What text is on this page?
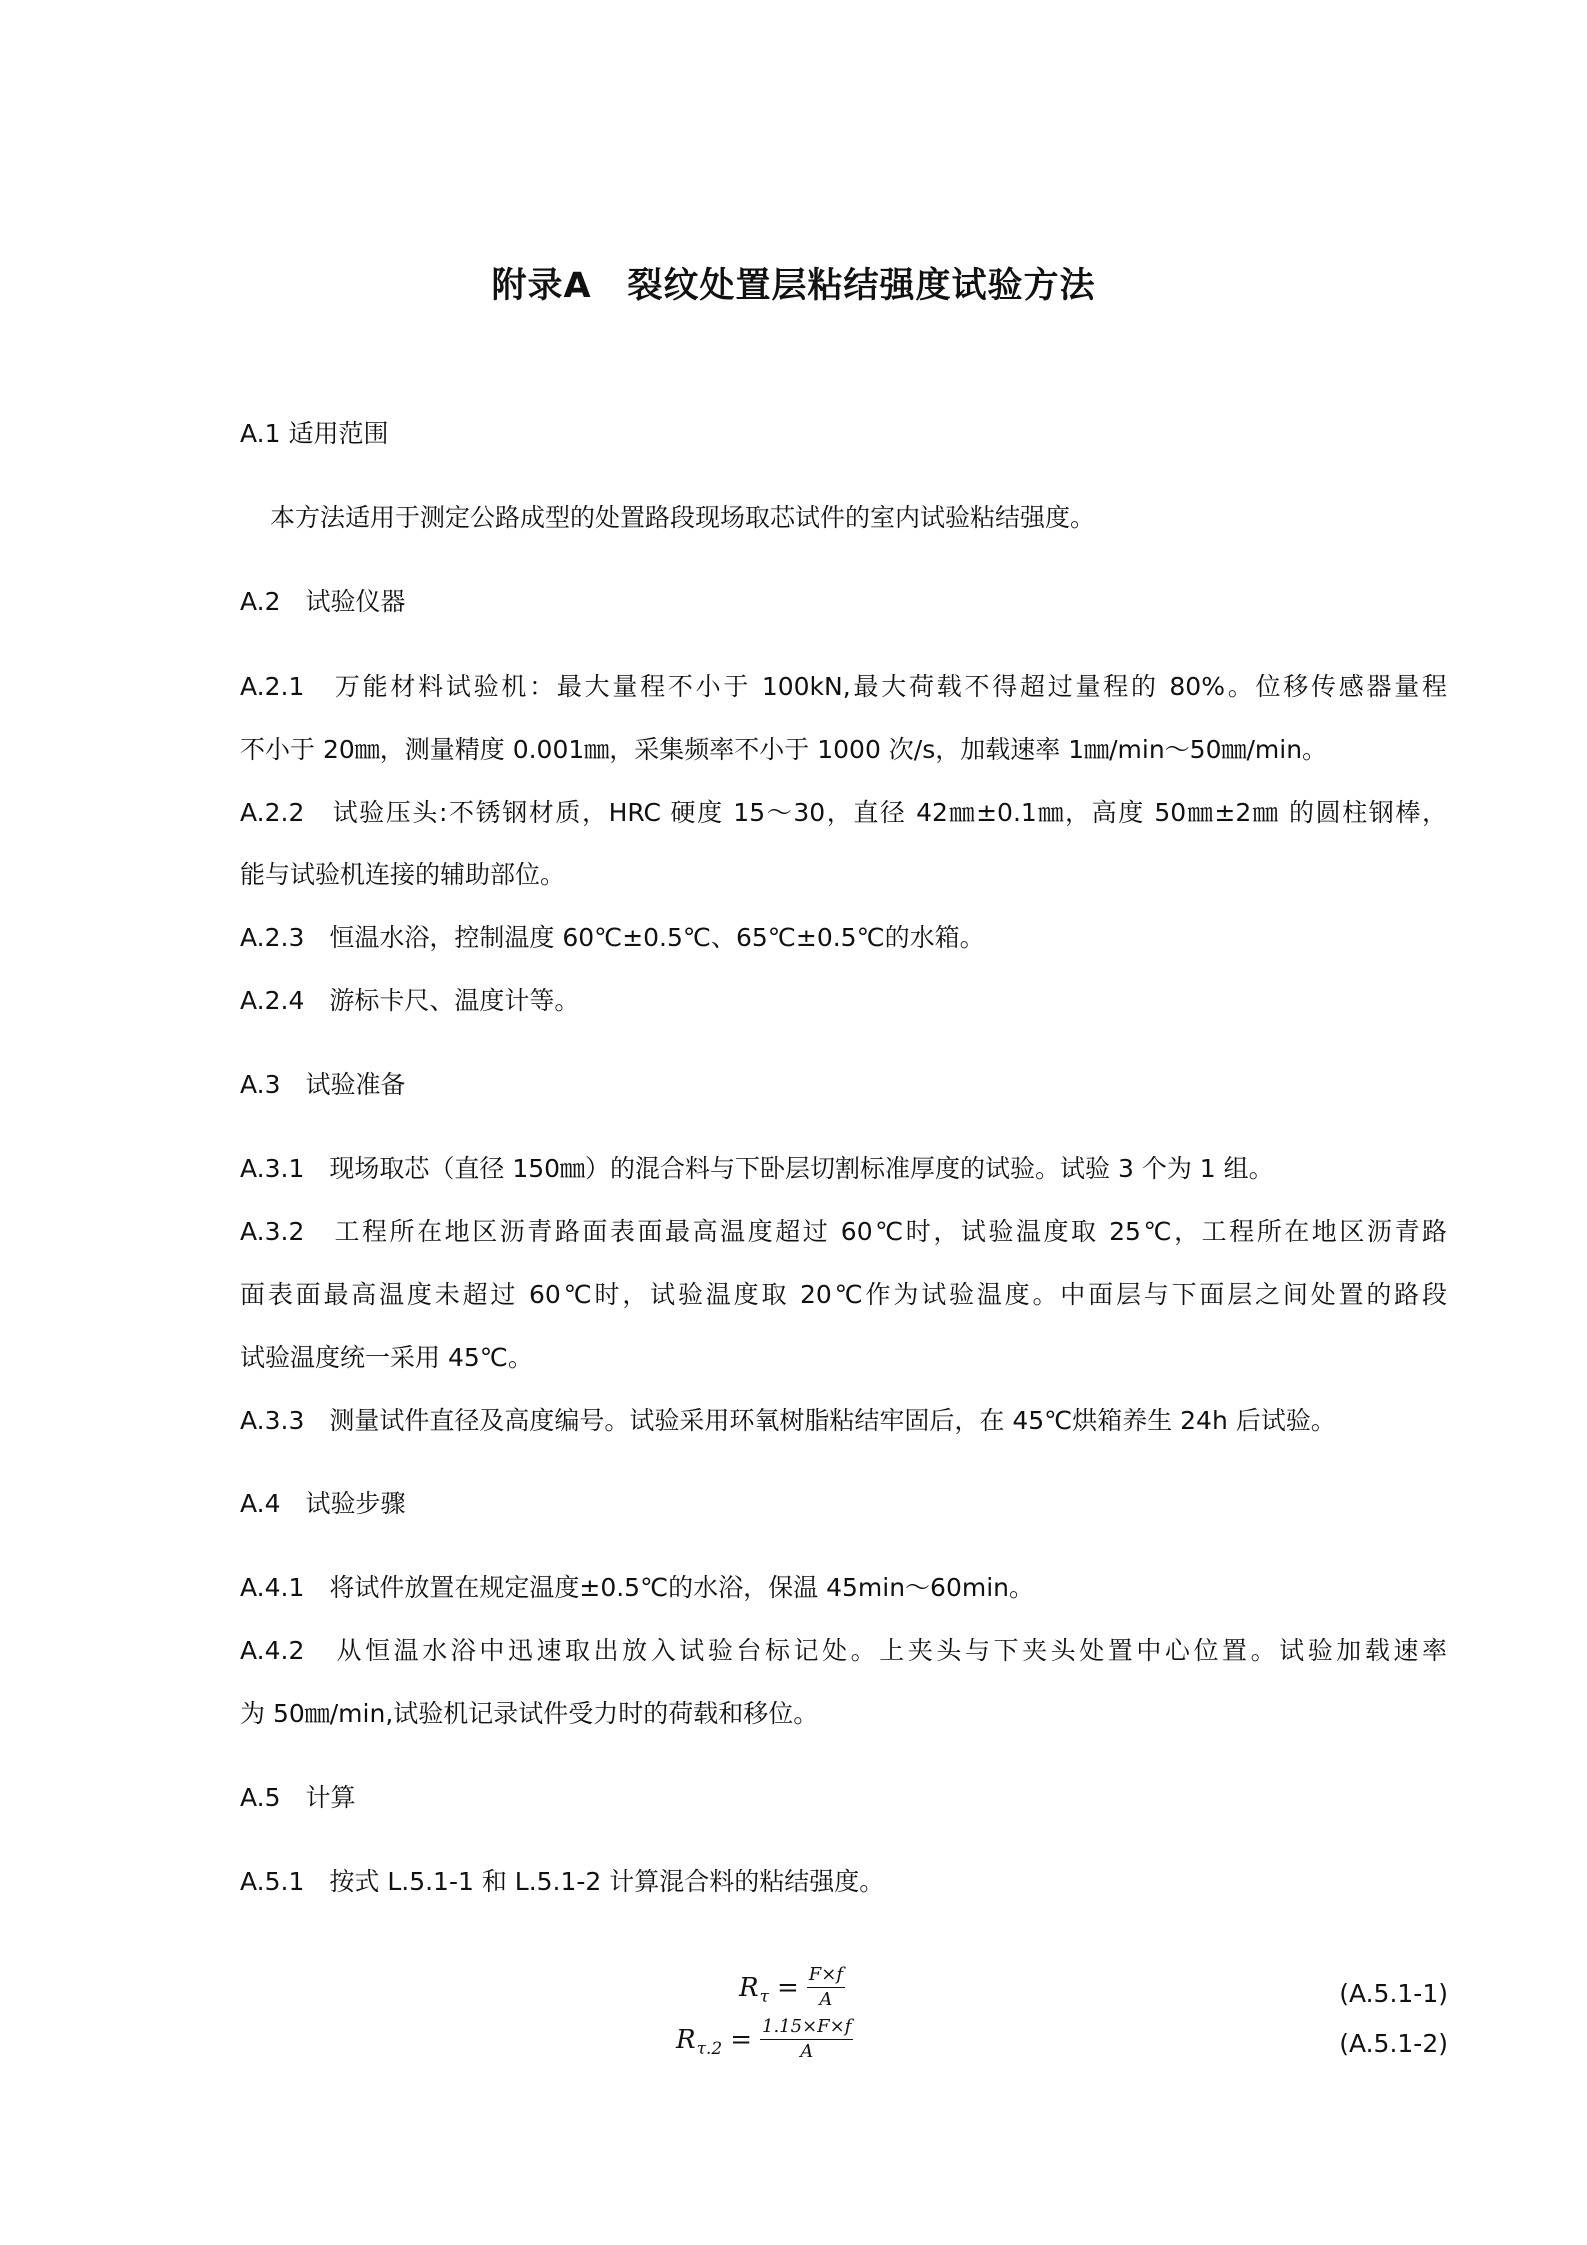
附录A　裂纹处置层粘结强度试验方法
A.1 适用范围
本方法适用于测定公路成型的处置路段现场取芯试件的室内试验粘结强度。
A.2　试验仪器
A.2.1　万能材料试验机：最大量程不小于 100kN,最大荷载不得超过量程的 80%。位移传感器量程
不小于 20㎜，测量精度 0.001㎜，采集频率不小于 1000 次/s，加载速率 1㎜/min～50㎜/min。
A.2.2　试验压头:不锈钢材质，HRC 硬度 15～30，直径 42㎜±0.1㎜，高度 50㎜±2㎜ 的圆柱钢棒，
能与试验机连接的辅助部位。
A.2.3　恒温水浴，控制温度 60℃±0.5℃、65℃±0.5℃的水箱。
A.2.4　游标卡尺、温度计等。
A.3　试验准备
A.3.1　现场取芯（直径 150㎜）的混合料与下卧层切割标准厚度的试验。试验 3 个为 1 组。
A.3.2　工程所在地区沥青路面表面最高温度超过 60℃时，试验温度取 25℃，工程所在地区沥青路
面表面最高温度未超过 60℃时，试验温度取 20℃作为试验温度。中面层与下面层之间处置的路段
试验温度统一采用 45℃。
A.3.3　测量试件直径及高度编号。试验采用环氧树脂粘结牢固后，在 45℃烘箱养生 24h 后试验。
A.4　试验步骤
A.4.1　将试件放置在规定温度±0.5℃的水浴，保温 45min～60min。
A.4.2　从恒温水浴中迅速取出放入试验台标记处。上夹头与下夹头处置中心位置。试验加载速率
为 50㎜/min,试验机记录试件受力时的荷载和移位。
A.5　计算
A.5.1　按式 L.5.1-1 和 L.5.1-2 计算混合料的粘结强度。
R $\tau = \frac{F\times f}{A}$	(A.5.1-1)
R $\tau.2 = \frac{1.15\times F\times f}{A}$	(A.5.1-2)
